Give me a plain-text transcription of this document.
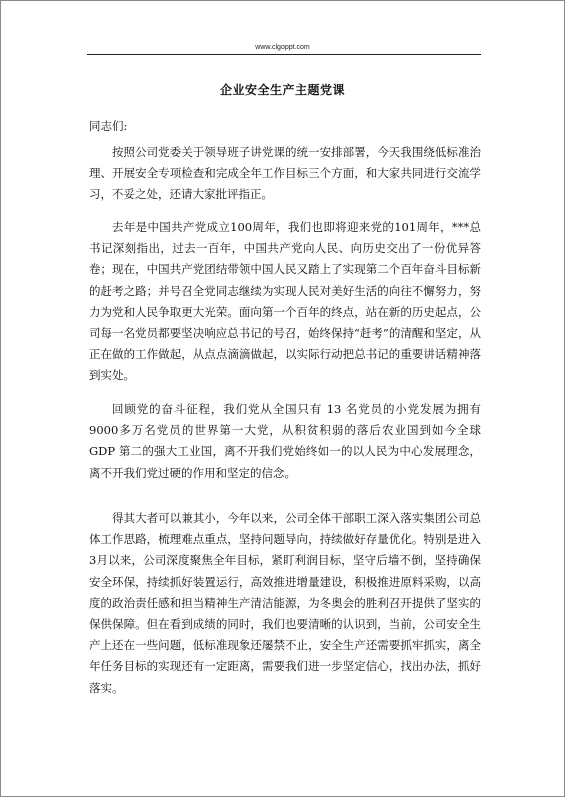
www.clgoppt.com
企业安全生产主题党课
同志们:

按照公司党委关于领导班子讲党课的统一安排部署，今天我围绕低标准治理、开展安全专项检查和完成全年工作目标三个方面，和大家共同进行交流学习，不妥之处，还请大家批评指正。

去年是中国共产党成立100周年，我们也即将迎来党的101周年，***总书记深刻指出，过去一百年，中国共产党向人民、向历史交出了一份优异答卷；现在，中国共产党团结带领中国人民又踏上了实现第二个百年奋斗目标新的赶考之路；并号召全党同志继续为实现人民对美好生活的向往不懈努力，努力为党和人民争取更大光荣。面向第一个百年的终点，站在新的历史起点，公司每一名党员都要坚决响应总书记的号召，始终保持“赶考”的清醒和坚定，从正在做的工作做起，从点点滴滴做起，以实际行动把总书记的重要讲话精神落到实处。

回顾党的奋斗征程，我们党从全国只有 13 名党员的小党发展为拥有 9000多万名党员的世界第一大党，从积贫积弱的落后农业国到如今全球 GDP 第二的强大工业国，离不开我们党始终如一的以人民为中心发展理念，离不开我们党过硬的作用和坚定的信念。

得其大者可以兼其小，今年以来，公司全体干部职工深入落实集团公司总体工作思路，梳理难点重点，坚持问题导向，持续做好存量优化。特别是进入3月以来，公司深度聚焦全年目标，紧盯利润目标，坚守后墙不倒，坚持确保安全环保，持续抓好装置运行，高效推进增量建设，积极推进原料采购，以高度的政治责任感和担当精神生产清洁能源，为冬奥会的胜利召开提供了坚实的保供保障。但在看到成绩的同时，我们也要清晰的认识到，当前，公司安全生产上还在一些问题，低标准现象还屡禁不止，安全生产还需要抓牢抓实，离全年任务目标的实现还有一定距离，需要我们进一步坚定信心，找出办法，抓好落实。
